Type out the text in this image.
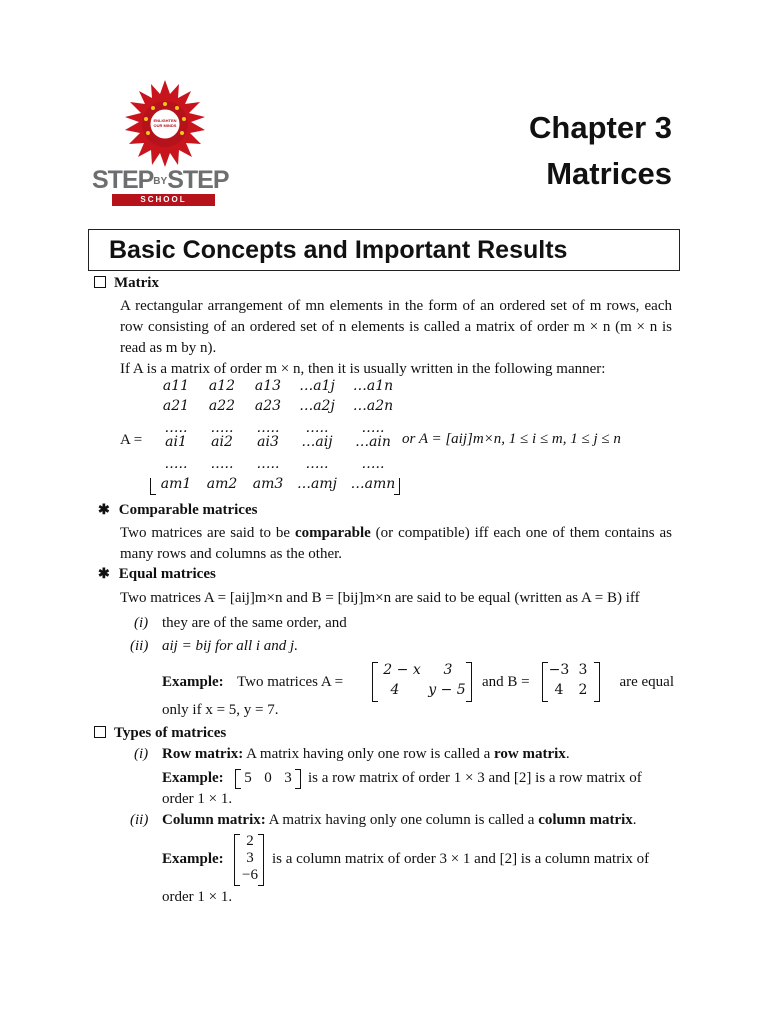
ENLIGHTEN OUR MINDS
STEPBYSTEP
SCHOOL
Chapter 3
Matrices
Basic Concepts and Important Results
Matrix
A rectangular arrangement of mn elements in the form of an ordered set of m rows, each row consisting of an ordered set of n elements is called a matrix of order m × n (m × n is read as m by n).
If A is a matrix of order m × n, then it is usually written in the following manner:
A =
a11	a12	a13	…a1j	…a1n
a21	a22	a23	…a2j	…a2n
…..	…..	…..	…..	…..
ai1	ai2	ai3	…aij	…ain
…..	…..	…..	…..	…..
am1	am2	am3 …amj …amn
or A = [aij]m×n, 1 ≤ i ≤ m, 1 ≤ j ≤ n
✱ Comparable matrices
Two matrices are said to be comparable (or compatible) iff each one of them contains as many rows and columns as the other.
✱ Equal matrices
Two matrices A = [aij]m×n and B = [bij]m×n are said to be equal (written as A = B) iff
(i) they are of the same order, and
(ii) aij = bij for all i and j.
Example: Two matrices A =
2 − x	3
4	y − 5 and B =
−3 3
4	2	are equal
only if x = 5, y = 7.
Types of matrices
(i) Row matrix: A matrix having only one row is called a row matrix.
Example: 5 0 3 is a row matrix of order 1 × 3 and [2] is a row matrix of
order 1 × 1.
(ii) Column matrix: A matrix having only one column is called a column matrix.
Example:
2
3
−6
is a column matrix of order 3 × 1 and [2] is a column matrix of
order 1 × 1.
